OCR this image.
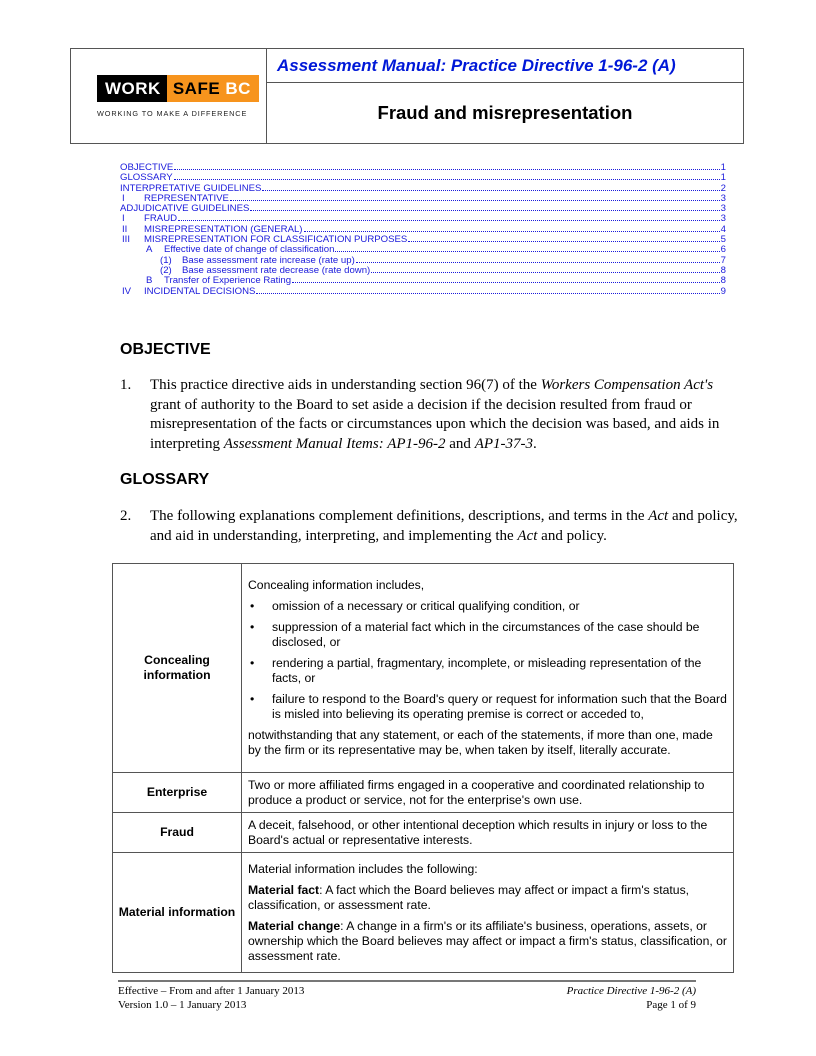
WORK SAFE BC
WORKING TO MAKE A DIFFERENCE
Assessment Manual: Practice Directive 1-96-2 (A)
Fraud and misrepresentation
OBJECTIVE	1
GLOSSARY	1
INTERPRETATIVE GUIDELINES	2
I	REPRESENTATIVE	3
ADJUDICATIVE GUIDELINES	3
I	FRAUD	3
II	MISREPRESENTATION (GENERAL)	4
III	MISREPRESENTATION FOR CLASSIFICATION PURPOSES	5
A	Effective date of change of classification	6
(1)	Base assessment rate increase (rate up)	7
(2)	Base assessment rate decrease (rate down)	8
B	Transfer of Experience Rating	8
IV	INCIDENTAL DECISIONS	9
OBJECTIVE
1.	This practice directive aids in understanding section 96(7) of the Workers Compensation Act's grant of authority to the Board to set aside a decision if the decision resulted from fraud or misrepresentation of the facts or circumstances upon which the decision was based, and aids in interpreting Assessment Manual Items: AP1-96-2 and AP1-37-3.
GLOSSARY
2.	The following explanations complement definitions, descriptions, and terms in the Act and policy, and aid in understanding, interpreting, and implementing the Act and policy.
Concealing information	

Concealing information includes,

•	omission of a necessary or critical qualifying condition, or
•	suppression of a material fact which in the circumstances of the case should be disclosed, or
•	rendering a partial, fragmentary, incomplete, or misleading representation of the facts, or
•	failure to respond to the Board's query or request for information such that the Board is misled into believing its operating premise is correct or acceded to,

notwithstanding that any statement, or each of the statements, if more than one, made by the firm or its representative may be, when taken by itself, literally accurate.

Enterprise	Two or more affiliated firms engaged in a cooperative and coordinated relationship to produce a product or service, not for the enterprise's own use.
Fraud	A deceit, falsehood, or other intentional deception which results in injury or loss to the Board's actual or representative interests.
Material information	Material information includes the following:

Material fact: A fact which the Board believes may affect or impact a firm's status, classification, or assessment rate.

Material change: A change in a firm's or its affiliate's business, operations, assets, or ownership which the Board believes may affect or impact a firm's status, classification, or assessment rate.

Effective – From and after 1 January 2013
Version 1.0 – 1 January 2013
Practice Directive 1-96-2 (A)
Page 1 of 9
